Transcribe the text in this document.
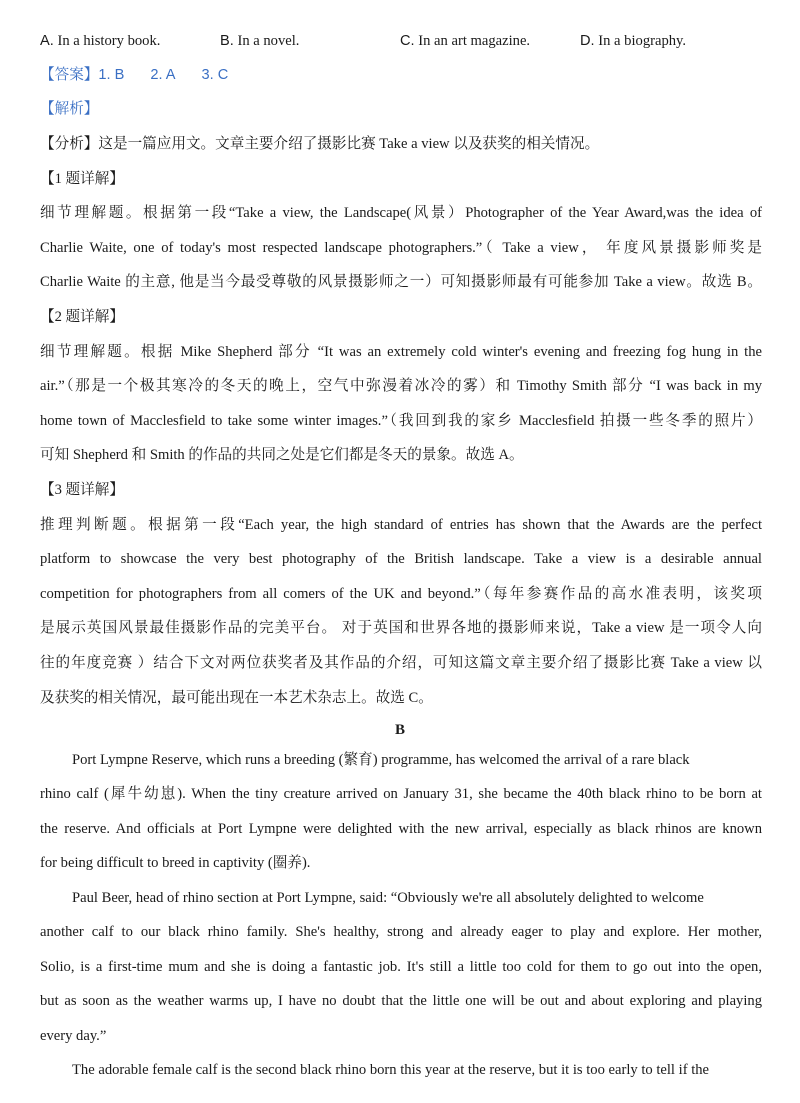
A. In a history book.	B. In a novel.	C. In an art magazine.	D. In a biography.
【答案】1. B 2. A 3. C
【解析】
【分析】这是一篇应用文。文章主要介绍了摄影比赛 Take a view 以及获奖的相关情况。
【1 题详解】
细节理解题。根据第一段“Take a view, the Landscape(风景）Photographer of the Year Award,was the idea of
Charlie Waite, one of today's most respected landscape photographers.”（ Take a view， 年度风景摄影师奖是
Charlie Waite 的主意, 他是当今最受尊敬的风景摄影师之一）可知摄影师最有可能参加 Take a view。故选 B。
【2 题详解】
细节理解题。根据 Mike Shepherd 部分 “It was an extremely cold winter's evening and freezing fog hung in the
air.”（那是一个极其寒冷的冬天的晚上，空气中弥漫着冰冷的雾）和 Timothy Smith 部分 “I was back in my
home town of Macclesfield to take some winter images.”（我回到我的家乡 Macclesfield 拍摄一些冬季的照片）
可知 Shepherd 和 Smith 的作品的共同之处是它们都是冬天的景象。故选 A。
【3 题详解】
推理判断题。根据第一段“Each year, the high standard of entries has shown that the Awards are the perfect
platform to showcase the very best photography of the British landscape. Take a view is a desirable annual
competition for photographers from all comers of the UK and beyond.”（每年参赛作品的高水准表明，该奖项
是展示英国风景最佳摄影作品的完美平台。 对于英国和世界各地的摄影师来说，Take a view 是一项令人向
往的年度竞赛 ）结合下文对两位获奖者及其作品的介绍，可知这篇文章主要介绍了摄影比赛 Take a view 以
及获奖的相关情况，最可能出现在一本艺术杂志上。故选 C。
B
Port Lympne Reserve, which runs a breeding (繁育) programme, has welcomed the arrival of a rare black
rhino calf (犀牛幼崽). When the tiny creature arrived on January 31, she became the 40th black rhino to be born at
the reserve. And officials at Port Lympne were delighted with the new arrival, especially as black rhinos are known
for being difficult to breed in captivity (圈养).
Paul Beer, head of rhino section at Port Lympne, said: “Obviously we're all absolutely delighted to welcome
another calf to our black rhino family. She's healthy, strong and already eager to play and explore. Her mother,
Solio, is a first-time mum and she is doing a fantastic job. It's still a little too cold for them to go out into the open,
but as soon as the weather warms up, I have no doubt that the little one will be out and about exploring and playing
every day.”
The adorable female calf is the second black rhino born this year at the reserve, but it is too early to tell if the
